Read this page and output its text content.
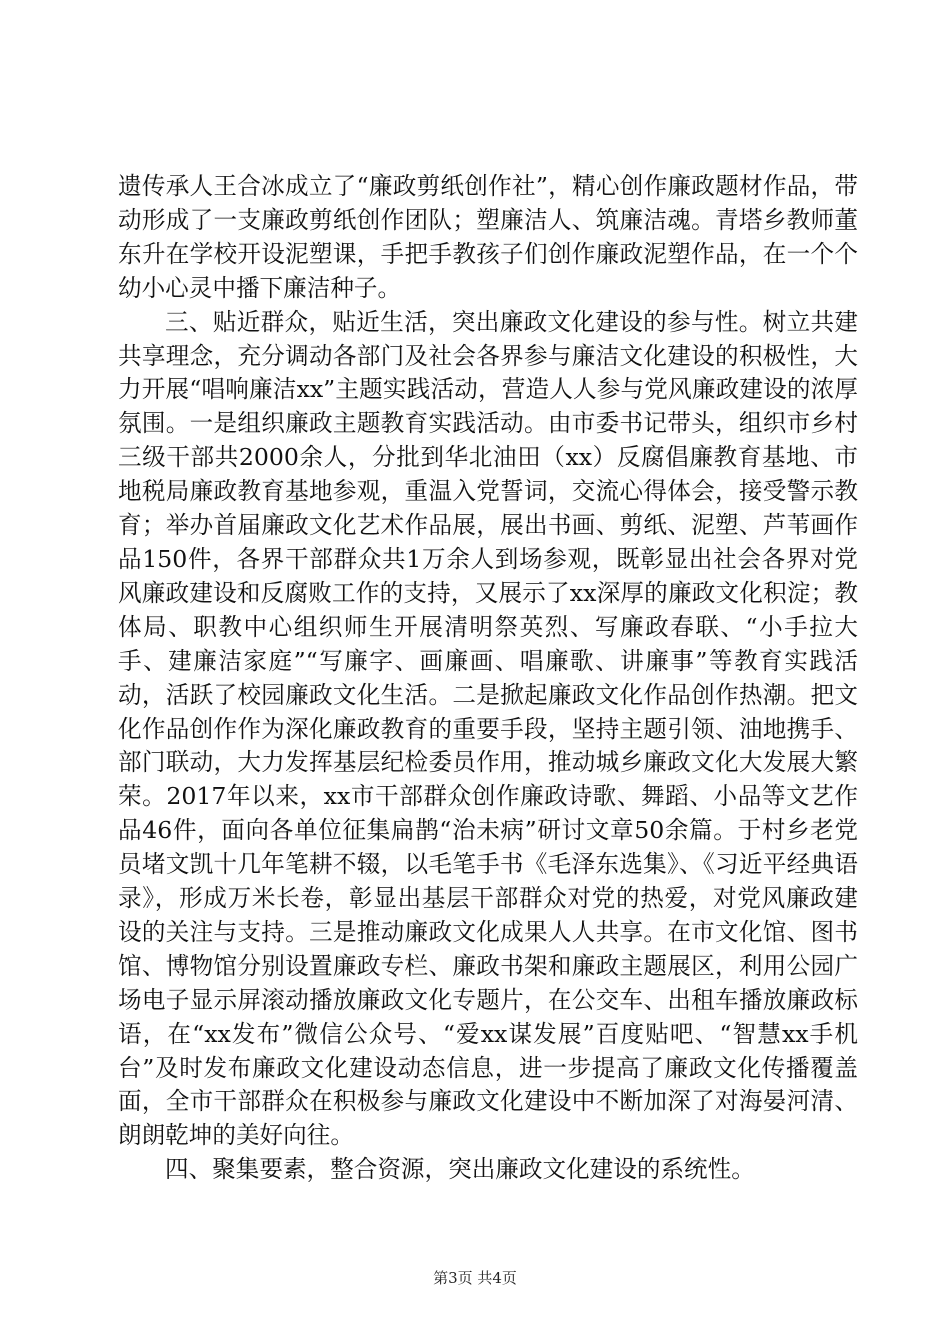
遗传承人王合冰成立了“廉政剪纸创作社”，精心创作廉政题材作品，带动形成了一支廉政剪纸创作团队；塑廉洁人、筑廉洁魂。青塔乡教师董东升在学校开设泥塑课，手把手教孩子们创作廉政泥塑作品，在一个个幼小心灵中播下廉洁种子。

三、贴近群众，贴近生活，突出廉政文化建设的参与性。树立共建共享理念，充分调动各部门及社会各界参与廉洁文化建设的积极性，大力开展“唱响廉洁xx”主题实践活动，营造人人参与党风廉政建设的浓厚氛围。一是组织廉政主题教育实践活动。由市委书记带头，组织市乡村三级干部共2000余人，分批到华北油田（xx）反腐倡廉教育基地、市地税局廉政教育基地参观，重温入党誓词，交流心得体会，接受警示教育；举办首届廉政文化艺术作品展，展出书画、剪纸、泥塑、芦苇画作品150件，各界干部群众共1万余人到场参观，既彰显出社会各界对党风廉政建设和反腐败工作的支持，又展示了xx深厚的廉政文化积淀；教体局、职教中心组织师生开展清明祭英烈、写廉政春联、“小手拉大手、建廉洁家庭”“写廉字、画廉画、唱廉歌、讲廉事”等教育实践活动，活跃了校园廉政文化生活。二是掀起廉政文化作品创作热潮。把文化作品创作作为深化廉政教育的重要手段，坚持主题引领、油地携手、部门联动，大力发挥基层纪检委员作用，推动城乡廉政文化大发展大繁荣。2017年以来，xx市干部群众创作廉政诗歌、舞蹈、小品等文艺作品46件，面向各单位征集扁鹊“治未病”研讨文章50余篇。于村乡老党员堵文凯十几年笔耕不辍，以毛笔手书《毛泽东选集》、《习近平经典语录》，形成万米长卷，彰显出基层干部群众对党的热爱，对党风廉政建设的关注与支持。三是推动廉政文化成果人人共享。在市文化馆、图书馆、博物馆分别设置廉政专栏、廉政书架和廉政主题展区，利用公园广场电子显示屏滚动播放廉政文化专题片，在公交车、出租车播放廉政标语，在“xx发布”微信公众号、“爱xx谋发展”百度贴吧、“智慧xx手机台”及时发布廉政文化建设动态信息，进一步提高了廉政文化传播覆盖面，全市干部群众在积极参与廉政文化建设中不断加深了对海晏河清、朗朗乾坤的美好向往。

四、聚集要素，整合资源，突出廉政文化建设的系统性。

第3页 共4页
